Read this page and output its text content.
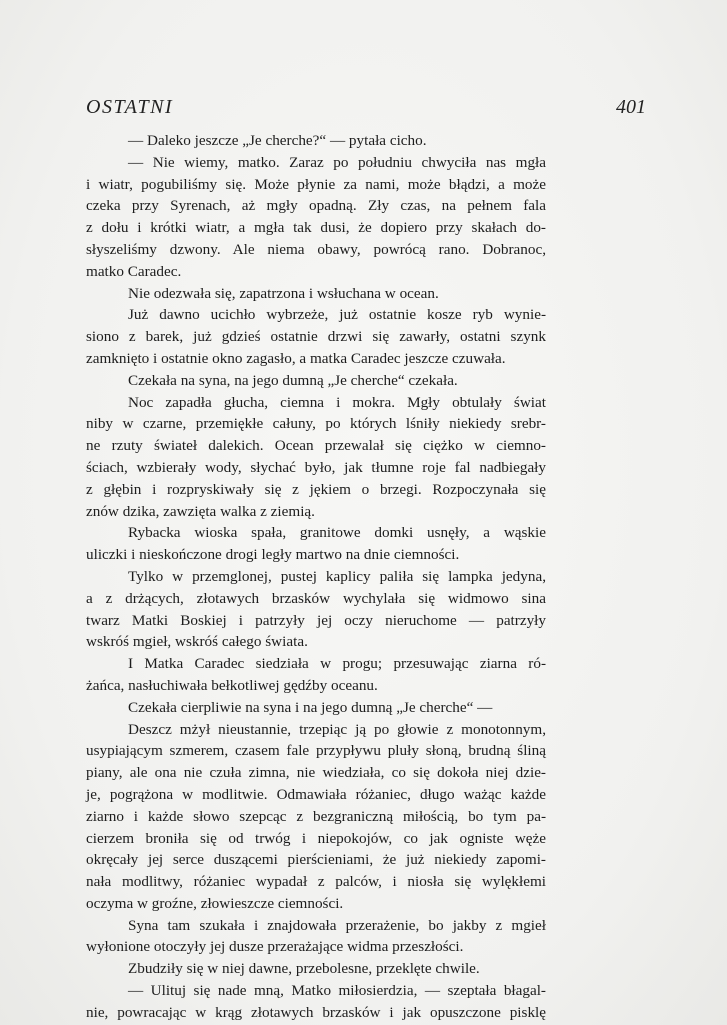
OSTATNI	401
— Daleko jeszcze „Je cherche?“ — pytała cicho.
— Nie wiemy, matko. Zaraz po południu chwyciła nas mgła
i wiatr, pogubiliśmy się. Może płynie za nami, może błądzi, a może
czeka przy Syrenach, aż mgły opadną. Zły czas, na pełnem fala
z dołu i krótki wiatr, a mgła tak dusi, że dopiero przy skałach do-
słyszeliśmy dzwony. Ale niema obawy, powrócą rano. Dobranoc,
matko Caradec.
Nie odezwała się, zapatrzona i wsłuchana w ocean.
Już dawno ucichło wybrzeże, już ostatnie kosze ryb wynie-
siono z barek, już gdzieś ostatnie drzwi się zawarły, ostatni szynk
zamknięto i ostatnie okno zagasło, a matka Caradec jeszcze czuwała.
Czekała na syna, na jego dumną „Je cherche“ czekała.
Noc zapadła głucha, ciemna i mokra. Mgły obtulały świat
niby w czarne, przemiękłe całuny, po których lśniły niekiedy srebr-
ne rzuty świateł dalekich. Ocean przewalał się ciężko w ciemno-
ściach, wzbierały wody, słychać było, jak tłumne roje fal nadbiegały
z głębin i rozpryskiwały się z jękiem o brzegi. Rozpoczynała się
znów dzika, zawzięta walka z ziemią.
Rybacka wioska spała, granitowe domki usnęły, a wąskie
uliczki i nieskończone drogi legły martwo na dnie ciemności.
Tylko w przemglonej, pustej kaplicy paliła się lampka jedyna,
a z drżących, złotawych brzasków wychylała się widmowo sina
twarz Matki Boskiej i patrzyły jej oczy nieruchome — patrzyły
wskróś mgieł, wskróś całego świata.
I Matka Caradec siedziała w progu; przesuwając ziarna ró-
żańca, nasłuchiwała bełkotliwej gędźby oceanu.
Czekała cierpliwie na syna i na jego dumną „Je cherche“ —
Deszcz mżył nieustannie, trzepiąc ją po głowie z monotonnym,
usypiającym szmerem, czasem fale przypływu pluły słoną, brudną śliną
piany, ale ona nie czuła zimna, nie wiedziała, co się dokoła niej dzie-
je, pogrążona w modlitwie. Odmawiała różaniec, długo ważąc każde
ziarno i każde słowo szepcąc z bezgraniczną miłością, bo tym pa-
cierzem broniła się od trwóg i niepokojów, co jak ogniste węże
okręcały jej serce duszącemi pierścieniami, że już niekiedy zapomi-
nała modlitwy, różaniec wypadał z palców, i niosła się wylękłemi
oczyma w groźne, złowieszcze ciemności.
Syna tam szukała i znajdowała przerażenie, bo jakby z mgieł
wyłonione otoczyły jej dusze przerażające widma przeszłości.
Zbudziły się w niej dawne, przebolesne, przeklęte chwile.
— Ulituj się nade mną, Matko miłosierdzia, — szeptała błagal-
nie, powracając w krąg złotawych brzasków i jak opuszczone pisklę
